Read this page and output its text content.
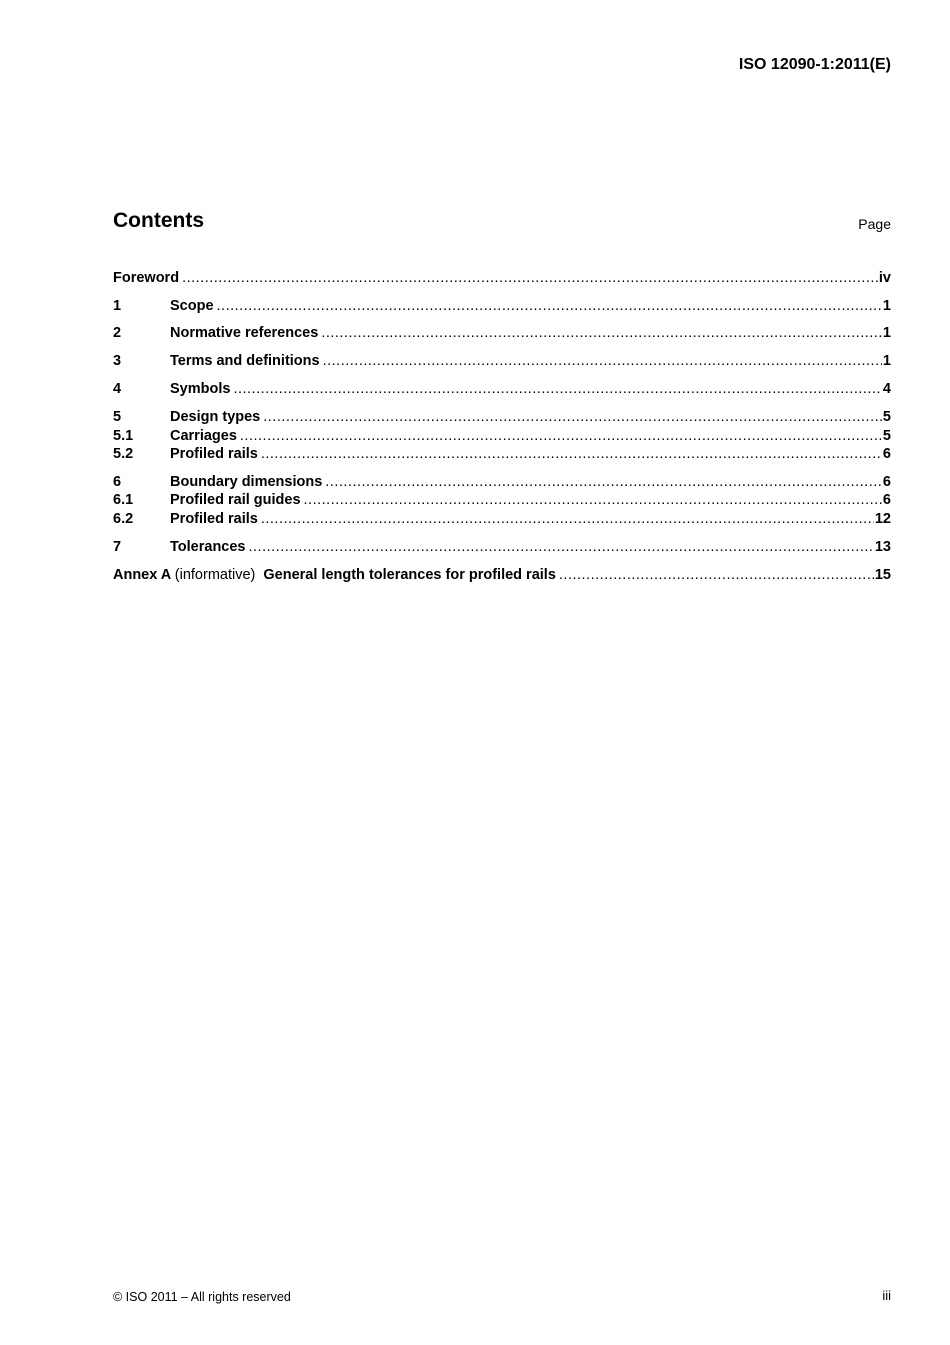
ISO 12090-1:2011(E)
Contents	Page
Foreword .....	iv
1	Scope .....	1
2	Normative references .....	1
3	Terms and definitions .....	1
4	Symbols .....	4
5	Design types .....	5
5.1	Carriages .....	5
5.2	Profiled rails .....	6
6	Boundary dimensions .....	6
6.1	Profiled rail guides .....	6
6.2	Profiled rails .....	12
7	Tolerances .....	13
Annex A (informative) General length tolerances for profiled rails .....	15
© ISO 2011 – All rights reserved	iii
